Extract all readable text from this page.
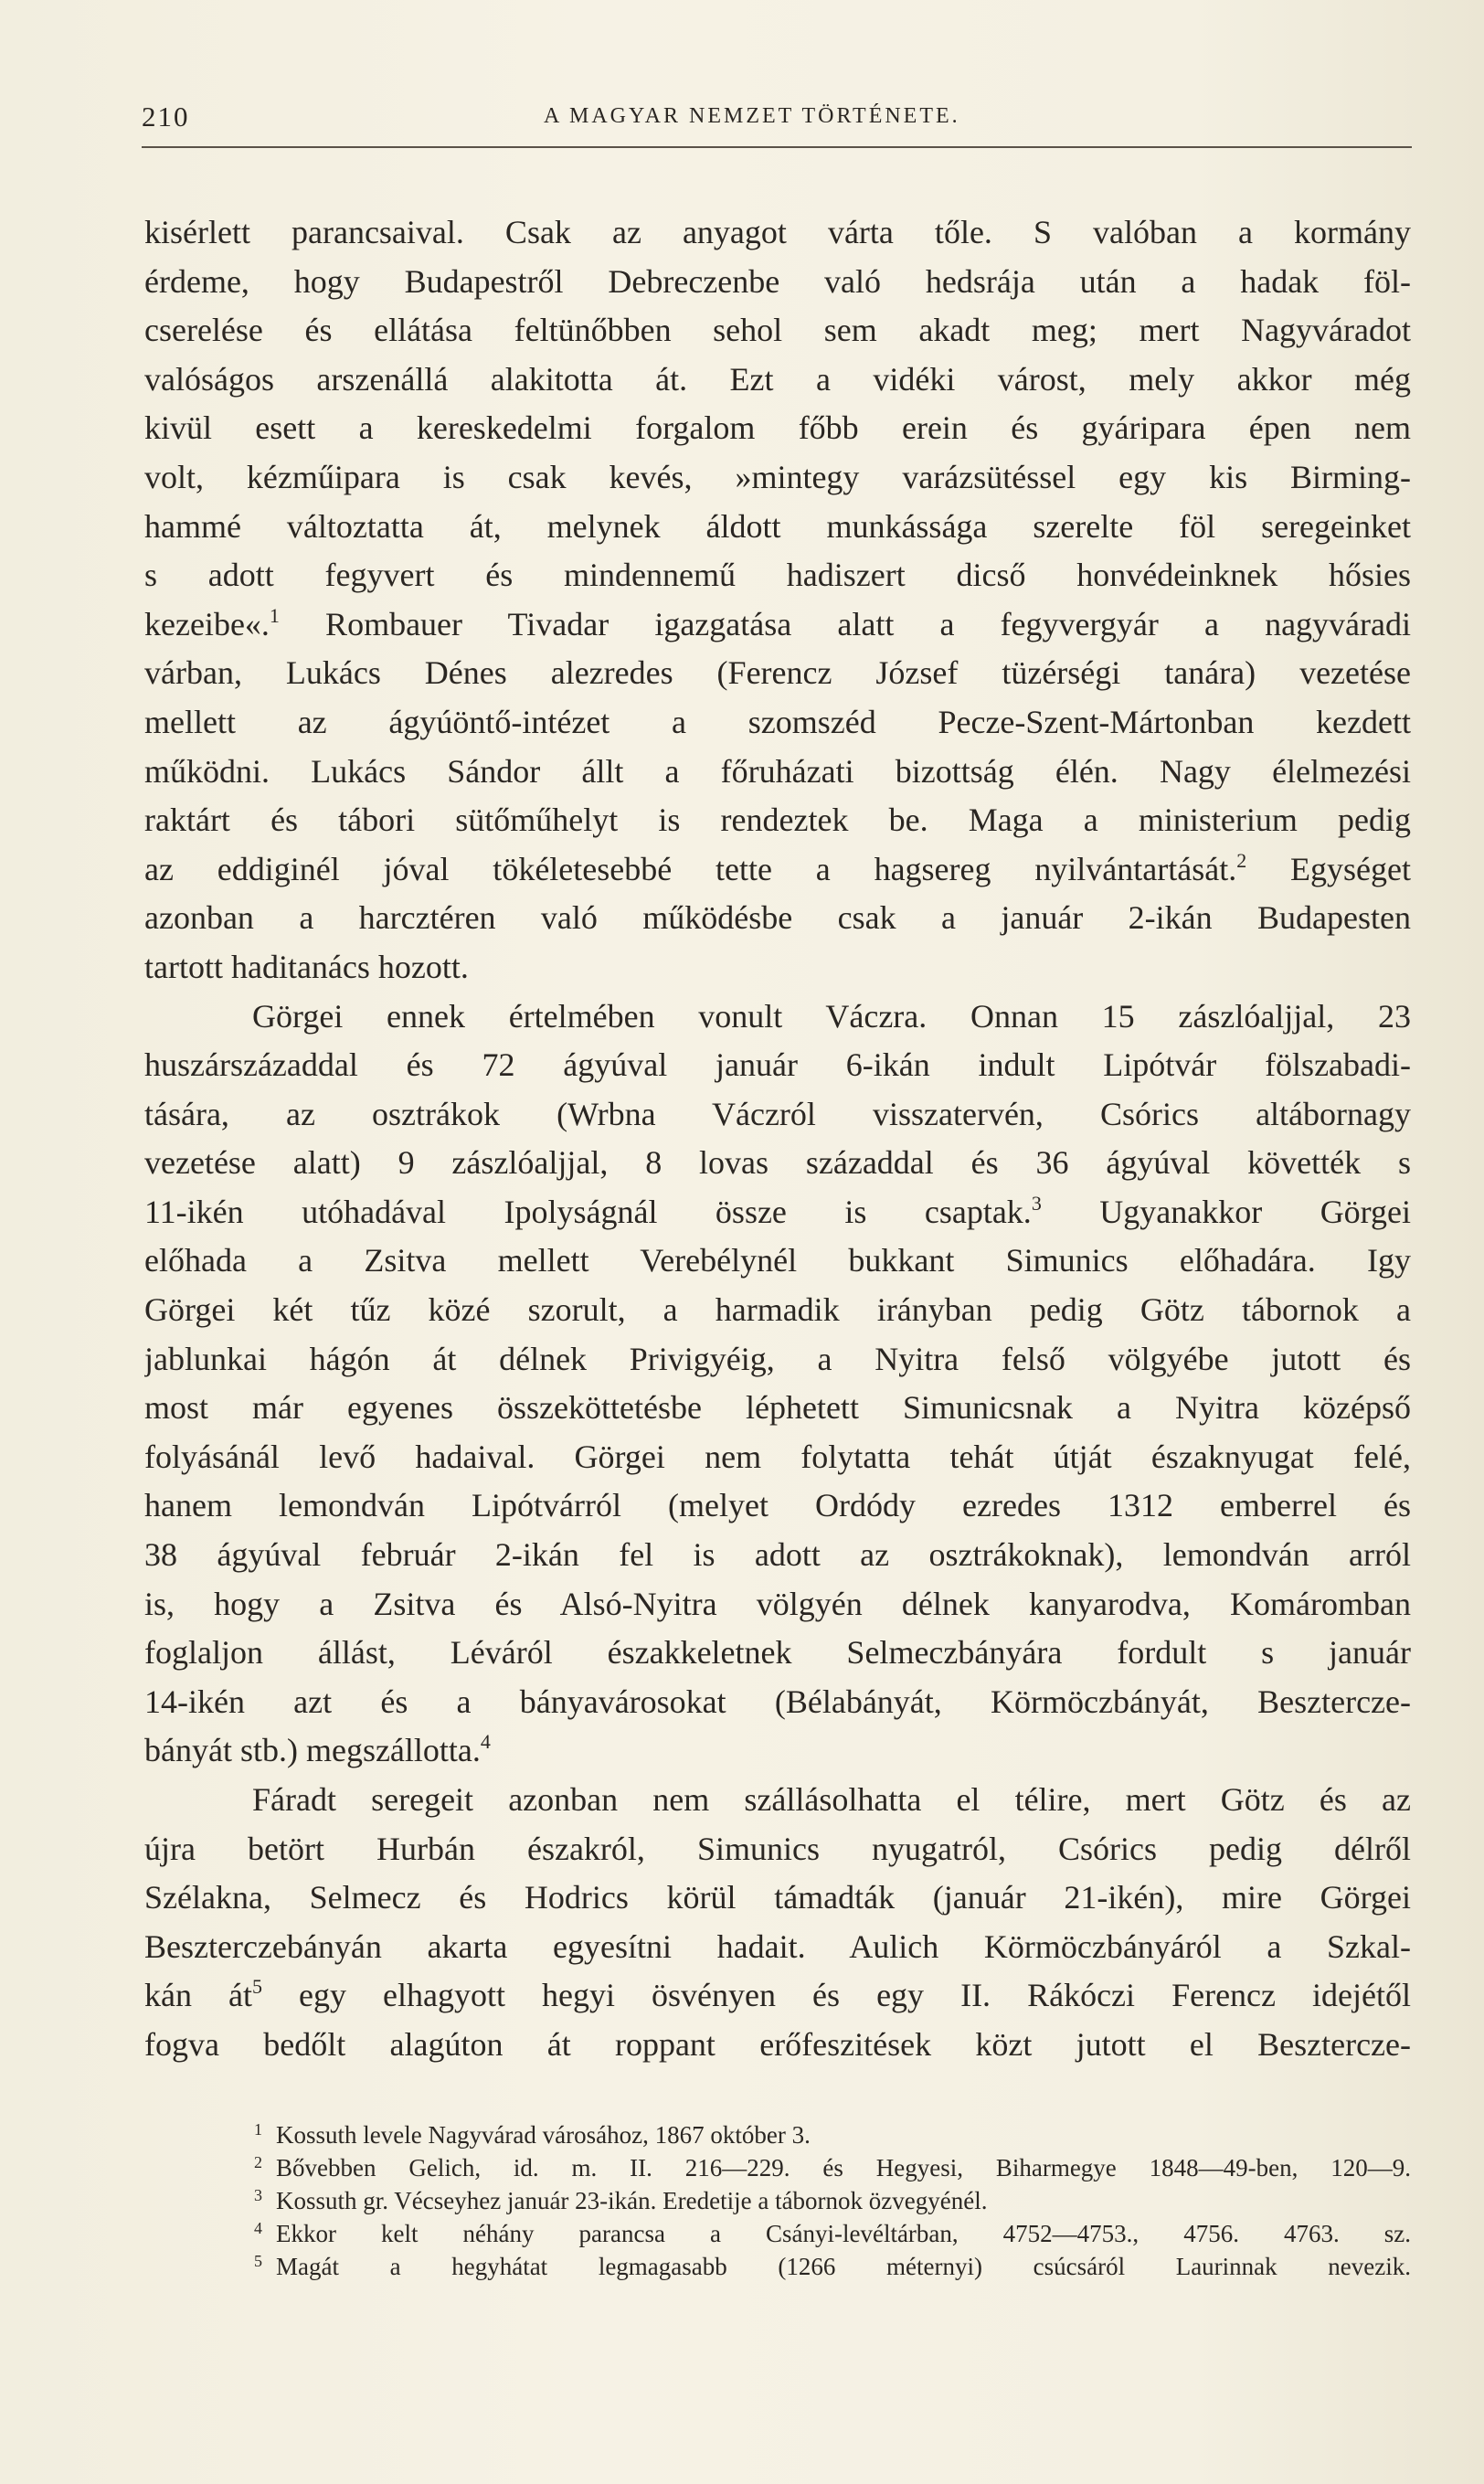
210	A MAGYAR NEMZET TÖRTÉNETE.
kisérlett parancsaival. Csak az anyagot várta tőle. S valóban a kormány
érdeme, hogy Budapestről Debreczenbe való hedsrája után a hadak föl-
cserelése és ellátása feltünőbben sehol sem akadt meg; mert Nagyváradot
valóságos arszenállá alakitotta át. Ezt a vidéki várost, mely akkor még
kivül esett a kereskedelmi forgalom főbb erein és gyáripara épen nem
volt, kézműipara is csak kevés, »mintegy varázsütéssel egy kis Birming-
hammé változtatta át, melynek áldott munkássága szerelte föl seregeinket
s adott fegyvert és mindennemű hadiszert dicső honvédeinknek hősies
kezeibe«.$^1$ Rombauer Tivadar igazgatása alatt a fegyvergyár a nagyváradi
várban, Lukács Dénes alezredes (Ferencz József tüzérségi tanára) vezetése
mellett az ágyúöntő-intézet a szomszéd Pecze-Szent-Mártonban kezdett
működni. Lukács Sándor állt a főruházati bizottság élén. Nagy élelmezési
raktárt és tábori sütőműhelyt is rendeztek be. Maga a ministerium pedig
az eddiginél jóval tökéletesebbé tette a hagsereg nyilvántartását.$^2$ Egységet
azonban a harcztéren való működésbe csak a január 2-ikán Budapesten
tartott haditanács hozott.
Görgei ennek értelmében vonult Váczra. Onnan 15 zászlóaljjal, 23
huszárszázaddal és 72 ágyúval január 6-ikán indult Lipótvár fölszabadi-
tására, az osztrákok (Wrbna Váczról visszatervén, Csórics altábornagy
vezetése alatt) 9 zászlóaljjal, 8 lovas századdal és 36 ágyúval követték s
11-ikén utóhadával Ipolyságnál össze is csaptak.$^3$ Ugyanakkor Görgei
előhada a Zsitva mellett Verebélynél bukkant Simunics előhadára. Igy
Görgei két tűz közé szorult, a harmadik irányban pedig Götz tábornok a
jablunkai hágón át délnek Privigyéig, a Nyitra felső völgyébe jutott és
most már egyenes összeköttetésbe léphetett Simunicsnak a Nyitra középső
folyásánál levő hadaival. Görgei nem folytatta tehát útját északnyugat felé,
hanem lemondván Lipótvárról (melyet Ordódy ezredes 1312 emberrel és
38 ágyúval február 2-ikán fel is adott az osztrákoknak), lemondván arról
is, hogy a Zsitva és Alsó-Nyitra völgyén délnek kanyarodva, Komáromban
foglaljon állást, Léváról északkeletnek Selmeczbányára fordult s január
14-ikén azt és a bányavárosokat (Bélabányát, Körmöczbányát, Beszterczе-
bányát stb.) megszállotta.$^4$
Fáradt seregeit azonban nem szállásolhatta el télire, mert Götz és az
újra betört Hurbán északról, Simunics nyugatról, Csórics pedig délről
Szélakna, Selmecz és Hodrics körül támadták (január 21-ikén), mire Görgei
Beszterczebányán akarta egyesítni hadait. Aulich Körmöczbányáról a Szkal-
kán $át^5$ egy elhagyott hegyi ösvényen és egy II. Rákóczi Ferencz idejétől
fogva bedőlt alagúton át roppant erőfeszitések közt jutott el Beszterczе-
1 Kossuth levele Nagyvárad városához, 1867 október 3.
2 Bővebben Gelich, id. m. II. 216—229. és Hegyesi, Biharmegye 1848—49-ben, 120—9.
3 Kossuth gr. Vécseyhez január 23-ikán. Eredetije a tábornok özvegyénél.
4 Ekkor kelt néhány parancsa a Csányi-levéltárban, 4752—4753., 4756. 4763. sz.
5 Magát a hegyhátat legmagasabb (1266 méternyi) csúcsáról Laurinnak nevezik.
